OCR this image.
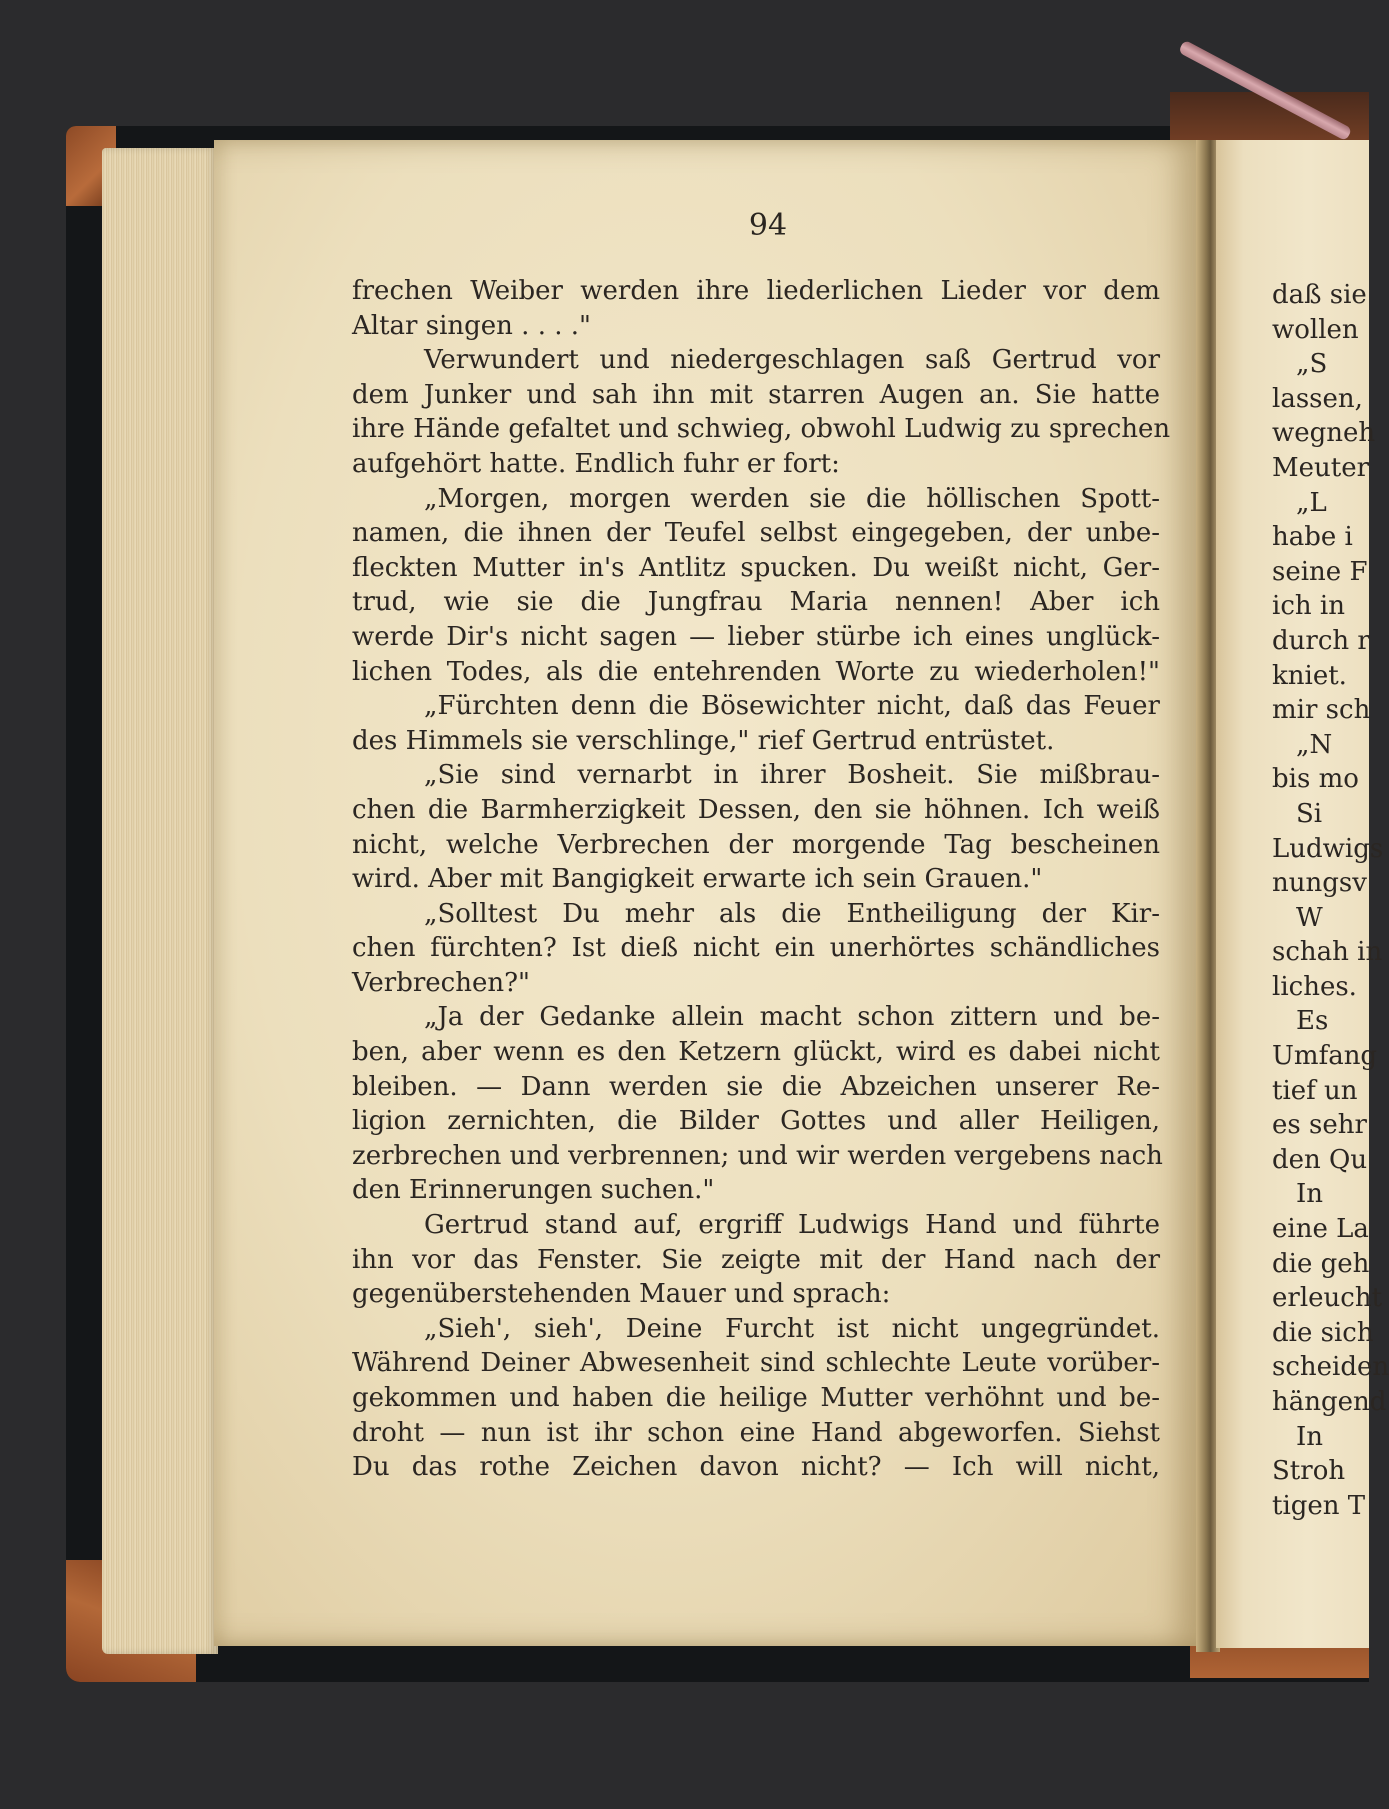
94
frechen Weiber werden ihre liederlichen Lieder vor dem
Altar singen . . . ."
Verwundert und niedergeschlagen saß Gertrud vor
dem Junker und sah ihn mit starren Augen an. Sie hatte
ihre Hände gefaltet und schwieg, obwohl Ludwig zu sprechen
aufgehört hatte. Endlich fuhr er fort:
„Morgen, morgen werden sie die höllischen Spott-
namen, die ihnen der Teufel selbst eingegeben, der unbe-
fleckten Mutter in's Antlitz spucken. Du weißt nicht, Ger-
trud, wie sie die Jungfrau Maria nennen! Aber ich
werde Dir's nicht sagen — lieber stürbe ich eines unglück-
lichen Todes, als die entehrenden Worte zu wiederholen!"
„Fürchten denn die Bösewichter nicht, daß das Feuer
des Himmels sie verschlinge," rief Gertrud entrüstet.
„Sie sind vernarbt in ihrer Bosheit. Sie mißbrau-
chen die Barmherzigkeit Dessen, den sie höhnen. Ich weiß
nicht, welche Verbrechen der morgende Tag bescheinen
wird. Aber mit Bangigkeit erwarte ich sein Grauen."
„Solltest Du mehr als die Entheiligung der Kir-
chen fürchten? Ist dieß nicht ein unerhörtes schändliches
Verbrechen?"
„Ja der Gedanke allein macht schon zittern und be-
ben, aber wenn es den Ketzern glückt, wird es dabei nicht
bleiben. — Dann werden sie die Abzeichen unserer Re-
ligion zernichten, die Bilder Gottes und aller Heiligen,
zerbrechen und verbrennen; und wir werden vergebens nach
den Erinnerungen suchen."
Gertrud stand auf, ergriff Ludwigs Hand und führte
ihn vor das Fenster. Sie zeigte mit der Hand nach der
gegenüberstehenden Mauer und sprach:
„Sieh', sieh', Deine Furcht ist nicht ungegründet.
Während Deiner Abwesenheit sind schlechte Leute vorüber-
gekommen und haben die heilige Mutter verhöhnt und be-
droht — nun ist ihr schon eine Hand abgeworfen. Siehst
Du das rothe Zeichen davon nicht? — Ich will nicht,
daß sie
wollen
„S
lassen,
wegneh
Meuter
„L
habe i
seine F
ich in
durch r
kniet.
mir sch
„N
bis mo
Si
Ludwigs
nungsv
W
schah in
liches.
Es
Umfang
tief un
es sehr
den Qu
In
eine La
die geh
erleucht
die sich
scheiden
hängend
In
Stroh
tigen T
